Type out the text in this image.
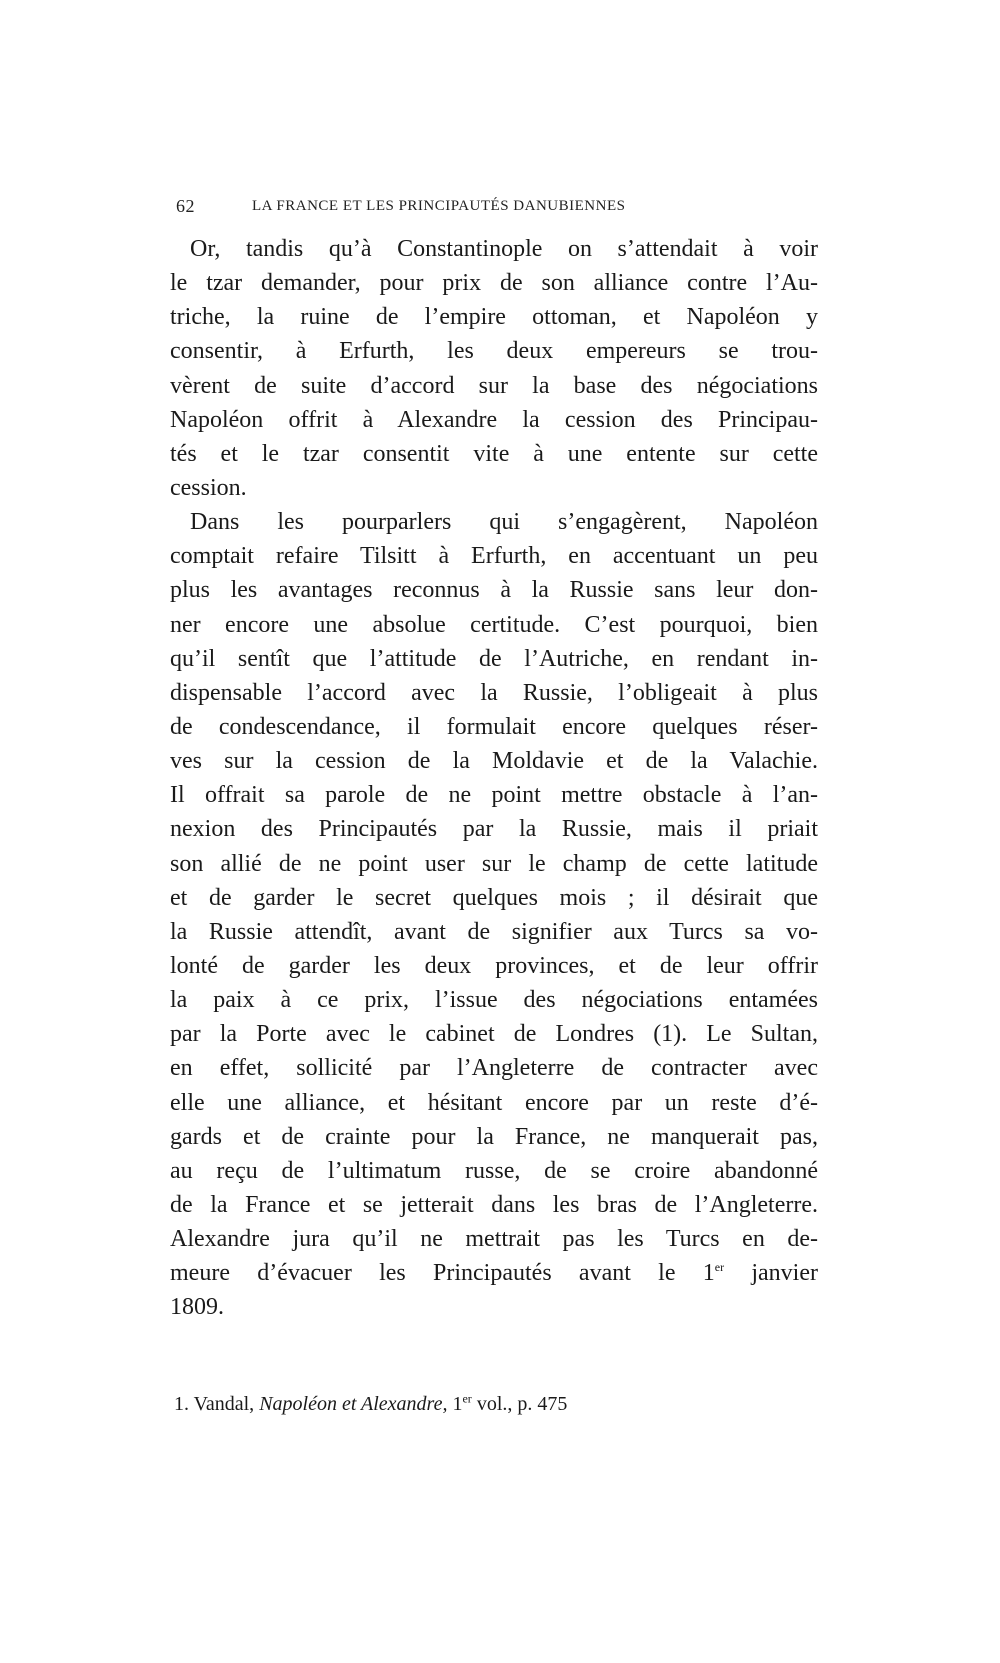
62	LA FRANCE ET LES PRINCIPAUTÉS DANUBIENNES
Or, tandis qu’à Constantinople on s’attendait à voir
le tzar demander, pour prix de son alliance contre l’Au-
triche, la ruine de l’empire ottoman, et Napoléon y
consentir, à Erfurth, les deux empereurs se trou-
vèrent de suite d’accord sur la base des négociations
Napoléon offrit à Alexandre la cession des Principau-
tés et le tzar consentit vite à une entente sur cette
cession.
Dans les pourparlers qui s’engagèrent, Napoléon
comptait refaire Tilsitt à Erfurth, en accentuant un peu
plus les avantages reconnus à la Russie sans leur don-
ner encore une absolue certitude. C’est pourquoi, bien
qu’il sentît que l’attitude de l’Autriche, en rendant in-
dispensable l’accord avec la Russie, l’obligeait à plus
de condescendance, il formulait encore quelques réser-
ves sur la cession de la Moldavie et de la Valachie.
Il offrait sa parole de ne point mettre obstacle à l’an-
nexion des Principautés par la Russie, mais il priait
son allié de ne point user sur le champ de cette latitude
et de garder le secret quelques mois ; il désirait que
la Russie attendît, avant de signifier aux Turcs sa vo-
lonté de garder les deux provinces, et de leur offrir
la paix à ce prix, l’issue des négociations entamées
par la Porte avec le cabinet de Londres (1). Le Sultan,
en effet, sollicité par l’Angleterre de contracter avec
elle une alliance, et hésitant encore par un reste d’é-
gards et de crainte pour la France, ne manquerait pas,
au reçu de l’ultimatum russe, de se croire abandonné
de la France et se jetterait dans les bras de l’Angleterre.
Alexandre jura qu’il ne mettrait pas les Turcs en de-
meure d’évacuer les Principautés avant le 1er janvier
1809.
1. Vandal, Napoléon et Alexandre, 1er vol., p. 475
